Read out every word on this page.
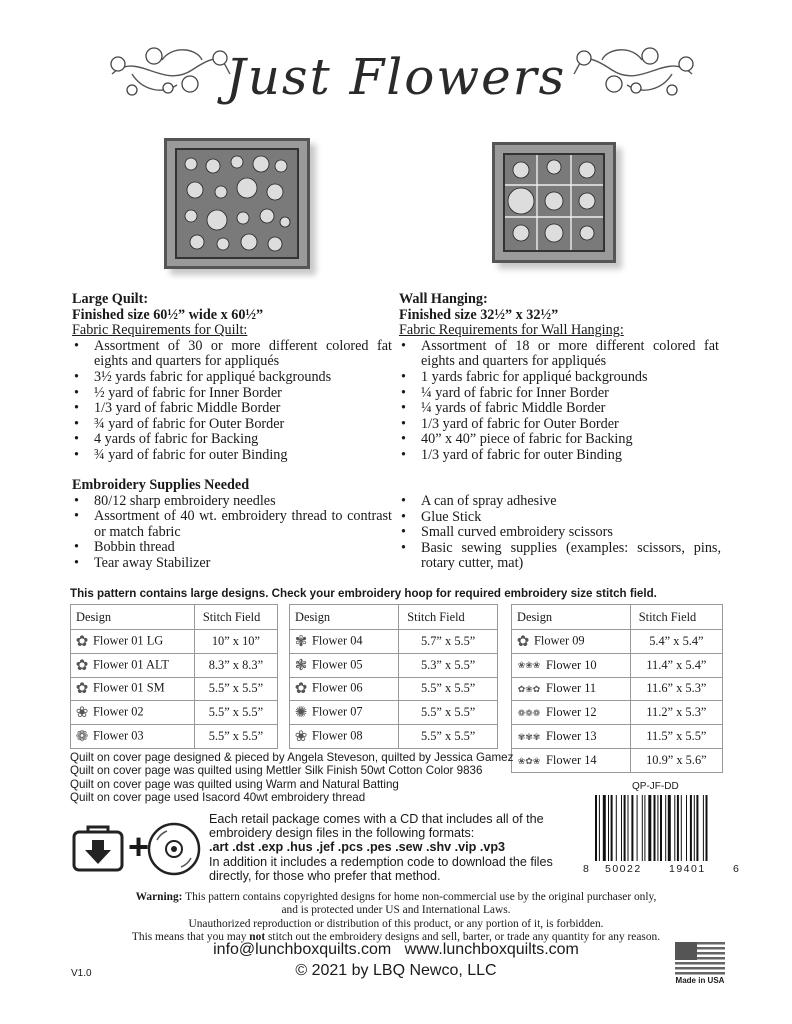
Just Flowers
Large Quilt:
Finished size 60½” wide x 60½”
Fabric Requirements for Quilt:
• Assortment of 30 or more different colored fat eights and quarters for appliqués
• 3½ yards fabric for appliqué backgrounds
• ½ yard of fabric for Inner Border
• 1/3 yard of fabric Middle Border
• ¾ yard of fabric for Outer Border
• 4 yards of fabric for Backing
• ¾ yard of fabric for outer Binding
Wall Hanging:
Finished size 32½” x 32½”
Fabric Requirements for Wall Hanging:
• Assortment of 18 or more different colored fat eights and quarters for appliqués
• 1 yards fabric for appliqué backgrounds
• ¼ yard of fabric for Inner Border
• ¼ yards of fabric Middle Border
• 1/3 yard of fabric for Outer Border
• 40” x 40” piece of fabric for Backing
• 1/3 yard of fabric for outer Binding
Embroidery Supplies Needed
• 80/12 sharp embroidery needles
• Assortment of 40 wt. embroidery thread to contrast or match fabric
• Bobbin thread
• Tear away Stabilizer
• A can of spray adhesive
• Glue Stick
• Small curved embroidery scissors
• Basic sewing supplies (examples: scissors, pins, rotary cutter, mat)
This pattern contains large designs. Check your embroidery hoop for required embroidery size stitch field.
Design	Stitch Field
✿ Flower 01 LG	10” x 10”
✿ Flower 01 ALT	8.3” x 8.3”
✿ Flower 01 SM	5.5” x 5.5”
❀ Flower 02	5.5” x 5.5”
❁ Flower 03	5.5” x 5.5”
Design	Stitch Field
✾ Flower 04	5.7” x 5.5”
❃ Flower 05	5.3” x 5.5”
✿ Flower 06	5.5” x 5.5”
✺ Flower 07	5.5” x 5.5”
❀ Flower 08	5.5” x 5.5”
Design	Stitch Field
✿ Flower 09	5.4” x 5.4”
❀❀❀ Flower 10	11.4” x 5.4”
✿❀✿ Flower 11	11.6” x 5.3”
❁❁❁ Flower 12	11.2” x 5.3”
✾✾✾ Flower 13	11.5” x 5.5”
❀✿❀ Flower 14	10.9” x 5.6”
Quilt on cover page designed & pieced by Angela Steveson, quilted by Jessica Gamez
Quilt on cover page was quilted using Mettler Silk Finish 50wt Cotton Color 9836
Quilt on cover page was quilted using Warm and Natural Batting
Quilt on cover page used Isacord 40wt embroidery thread
QP-JF-DD
+
Each retail package comes with a CD that includes all of the
embroidery design files in the following formats:
.art .dst .exp .hus .jef .pcs .pes .sew .shv .vip .vp3
In addition it includes a redemption code to download the files
directly, for those who prefer that method.	8 50022	19401	6
Warning: This pattern contains copyrighted designs for home non-commercial use by the original purchaser only,
and is protected under US and International Laws.
Unauthorized reproduction or distribution of this product, or any portion of it, is forbidden.
This means that you may not stitch out the embroidery designs and sell, barter, or trade any quantity for any reason.
info@lunchboxquilts.com   www.lunchboxquilts.com
© 2021 by LBQ Newco, LLC
V1.0
Made in USA
